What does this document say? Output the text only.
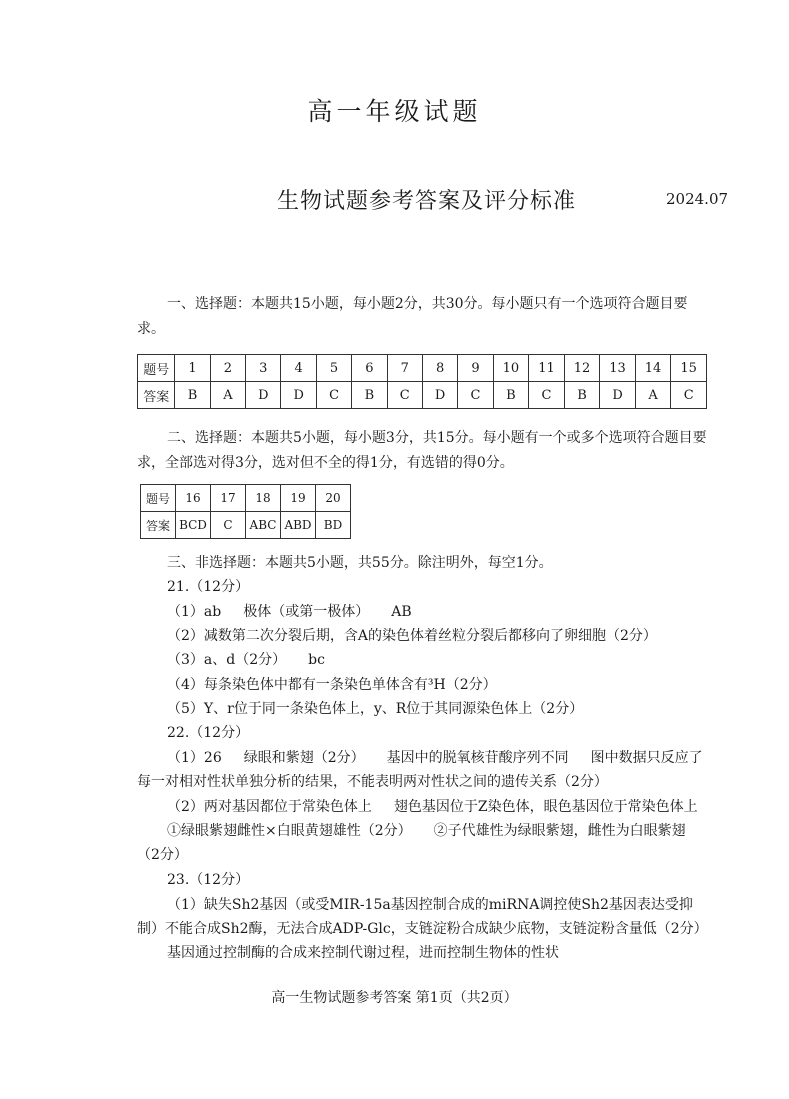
高一年级试题
生物试题参考答案及评分标准	2024.07
一、选择题：本题共15小题，每小题2分，共30分。每小题只有一个选项符合题目要求。
题号	1	2	3	4	5	6	7	8	9	10	11	12	13	14	15
答案	B	A	D	D	C	B	C	D	C	B	C	B	D	A	C
二、选择题：本题共5小题，每小题3分，共15分。每小题有一个或多个选项符合题目要求，全部选对得3分，选对但不全的得1分，有选错的得0分。
题号	16	17	18	19	20
答案	BCD	C	ABC	ABD	BD
三、非选择题：本题共5小题，共55分。除注明外，每空1分。
21.（12分）
（1）ab 极体（或第一极体） AB
（2）减数第二次分裂后期，含A的染色体着丝粒分裂后都移向了卵细胞（2分）
（3）a、d（2分） bc
（4）每条染色体中都有一条染色单体含有³H（2分）
（5）Y、r位于同一条染色体上，y、R位于其同源染色体上（2分）
22.（12分）
（1）26 绿眼和紫翅（2分） 基因中的脱氧核苷酸序列不同 图中数据只反应了
每一对相对性状单独分析的结果，不能表明两对性状之间的遗传关系（2分）
（2）两对基因都位于常染色体上 翅色基因位于Z染色体，眼色基因位于常染色体上
①绿眼紫翅雌性×白眼黄翅雄性（2分） ②子代雄性为绿眼紫翅，雌性为白眼紫翅
（2分）
23.（12分）
（1）缺失Sh2基因（或受MIR-15a基因控制合成的miRNA调控使Sh2基因表达受抑
制）不能合成Sh2酶，无法合成ADP-Glc，支链淀粉合成缺少底物，支链淀粉含量低（2分）
基因通过控制酶的合成来控制代谢过程，进而控制生物体的性状
高一生物试题参考答案 第1页（共2页）
